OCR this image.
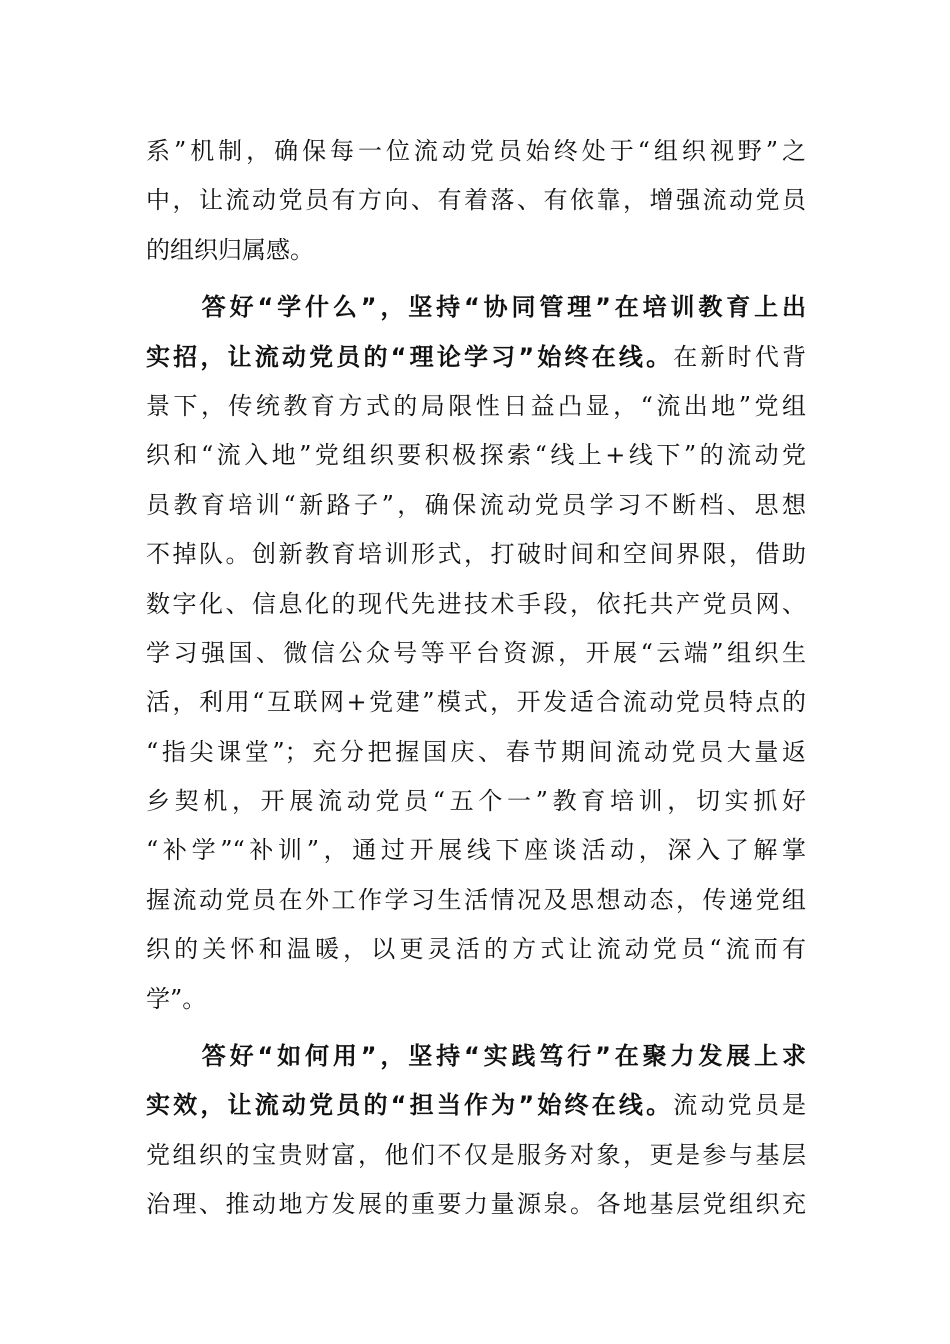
系”机制，确保每一位流动党员始终处于“组织视野”之
中，让流动党员有方向、有着落、有依靠，增强流动党员
的组织归属感。
　　答好“学什么”，坚持“协同管理”在培训教育上出
实招，让流动党员的“理论学习”始终在线。在新时代背
景下，传统教育方式的局限性日益凸显，“流出地”党组
织和“流入地”党组织要积极探索“线上+线下”的流动党
员教育培训“新路子”，确保流动党员学习不断档、思想
不掉队。创新教育培训形式，打破时间和空间界限，借助
数字化、信息化的现代先进技术手段，依托共产党员网、
学习强国、微信公众号等平台资源，开展“云端”组织生
活，利用“互联网+党建”模式，开发适合流动党员特点的
“指尖课堂”；充分把握国庆、春节期间流动党员大量返
乡契机，开展流动党员“五个一”教育培训，切实抓好
“补学”“补训”，通过开展线下座谈活动，深入了解掌
握流动党员在外工作学习生活情况及思想动态，传递党组
织的关怀和温暖，以更灵活的方式让流动党员“流而有
学”。
　　答好“如何用”，坚持“实践笃行”在聚力发展上求
实效，让流动党员的“担当作为”始终在线。流动党员是
党组织的宝贵财富，他们不仅是服务对象，更是参与基层
治理、推动地方发展的重要力量源泉。各地基层党组织充
